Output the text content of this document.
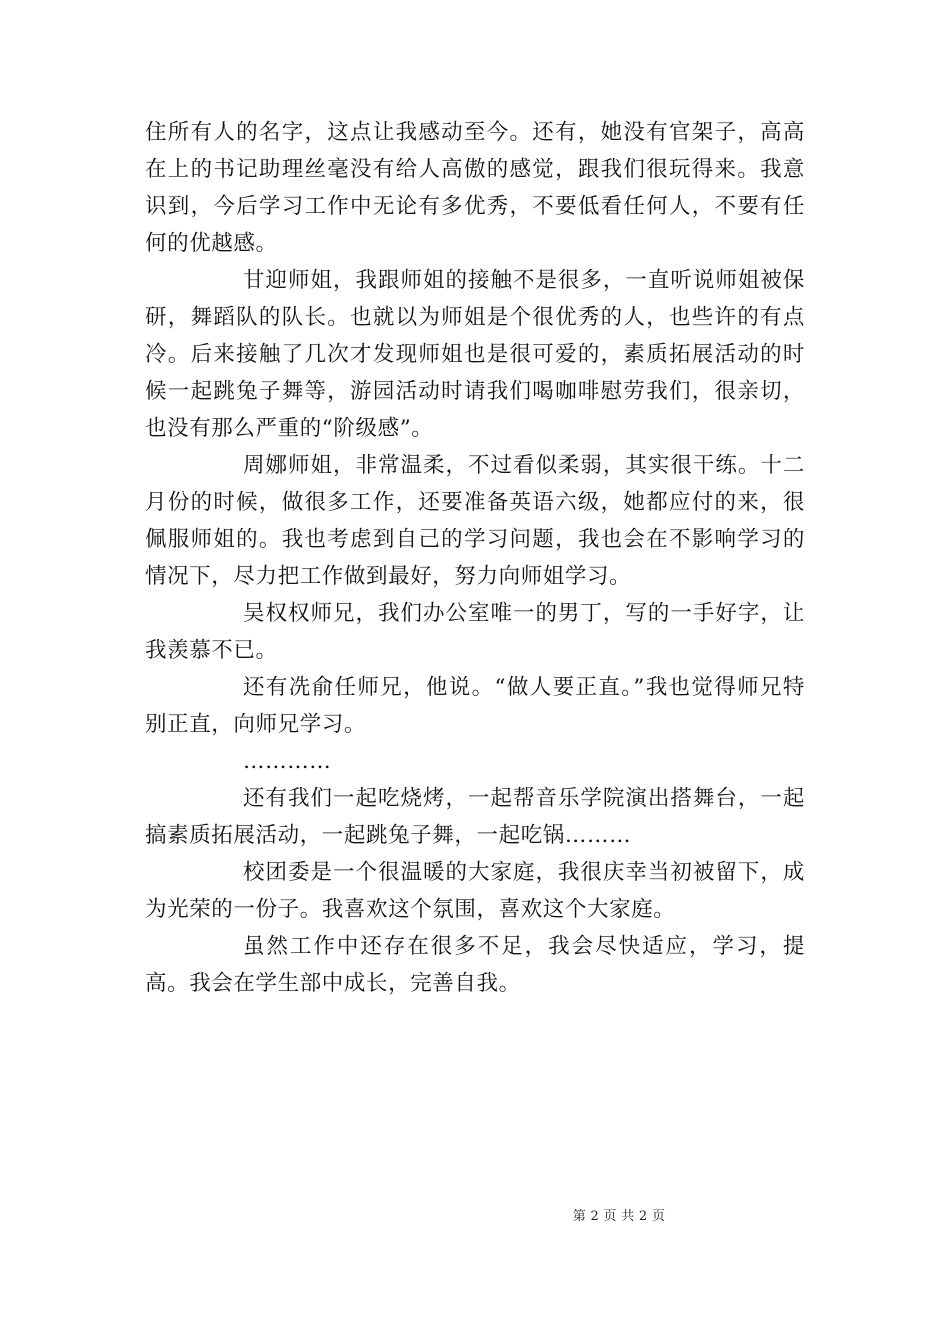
住所有人的名字，这点让我感动至今。还有，她没有官架子，高高在上的书记助理丝毫没有给人高傲的感觉，跟我们很玩得来。我意识到，今后学习工作中无论有多优秀，不要低看任何人，不要有任何的优越感。

甘迎师姐，我跟师姐的接触不是很多，一直听说师姐被保研，舞蹈队的队长。也就以为师姐是个很优秀的人，也些许的有点冷。后来接触了几次才发现师姐也是很可爱的，素质拓展活动的时候一起跳兔子舞等，游园活动时请我们喝咖啡慰劳我们，很亲切，也没有那么严重的“阶级感”。

周娜师姐，非常温柔，不过看似柔弱，其实很干练。十二月份的时候，做很多工作，还要准备英语六级，她都应付的来，很佩服师姐的。我也考虑到自己的学习问题，我也会在不影响学习的情况下，尽力把工作做到最好，努力向师姐学习。

吴权权师兄，我们办公室唯一的男丁，写的一手好字，让我羡慕不已。

还有冼俞任师兄，他说。“做人要正直。”我也觉得师兄特别正直，向师兄学习。

…………

还有我们一起吃烧烤，一起帮音乐学院演出搭舞台，一起搞素质拓展活动，一起跳兔子舞，一起吃锅………

校团委是一个很温暖的大家庭，我很庆幸当初被留下，成为光荣的一份子。我喜欢这个氛围，喜欢这个大家庭。

虽然工作中还存在很多不足，我会尽快适应，学习，提高。我会在学生部中成长，完善自我。

第 2 页 共 2 页
